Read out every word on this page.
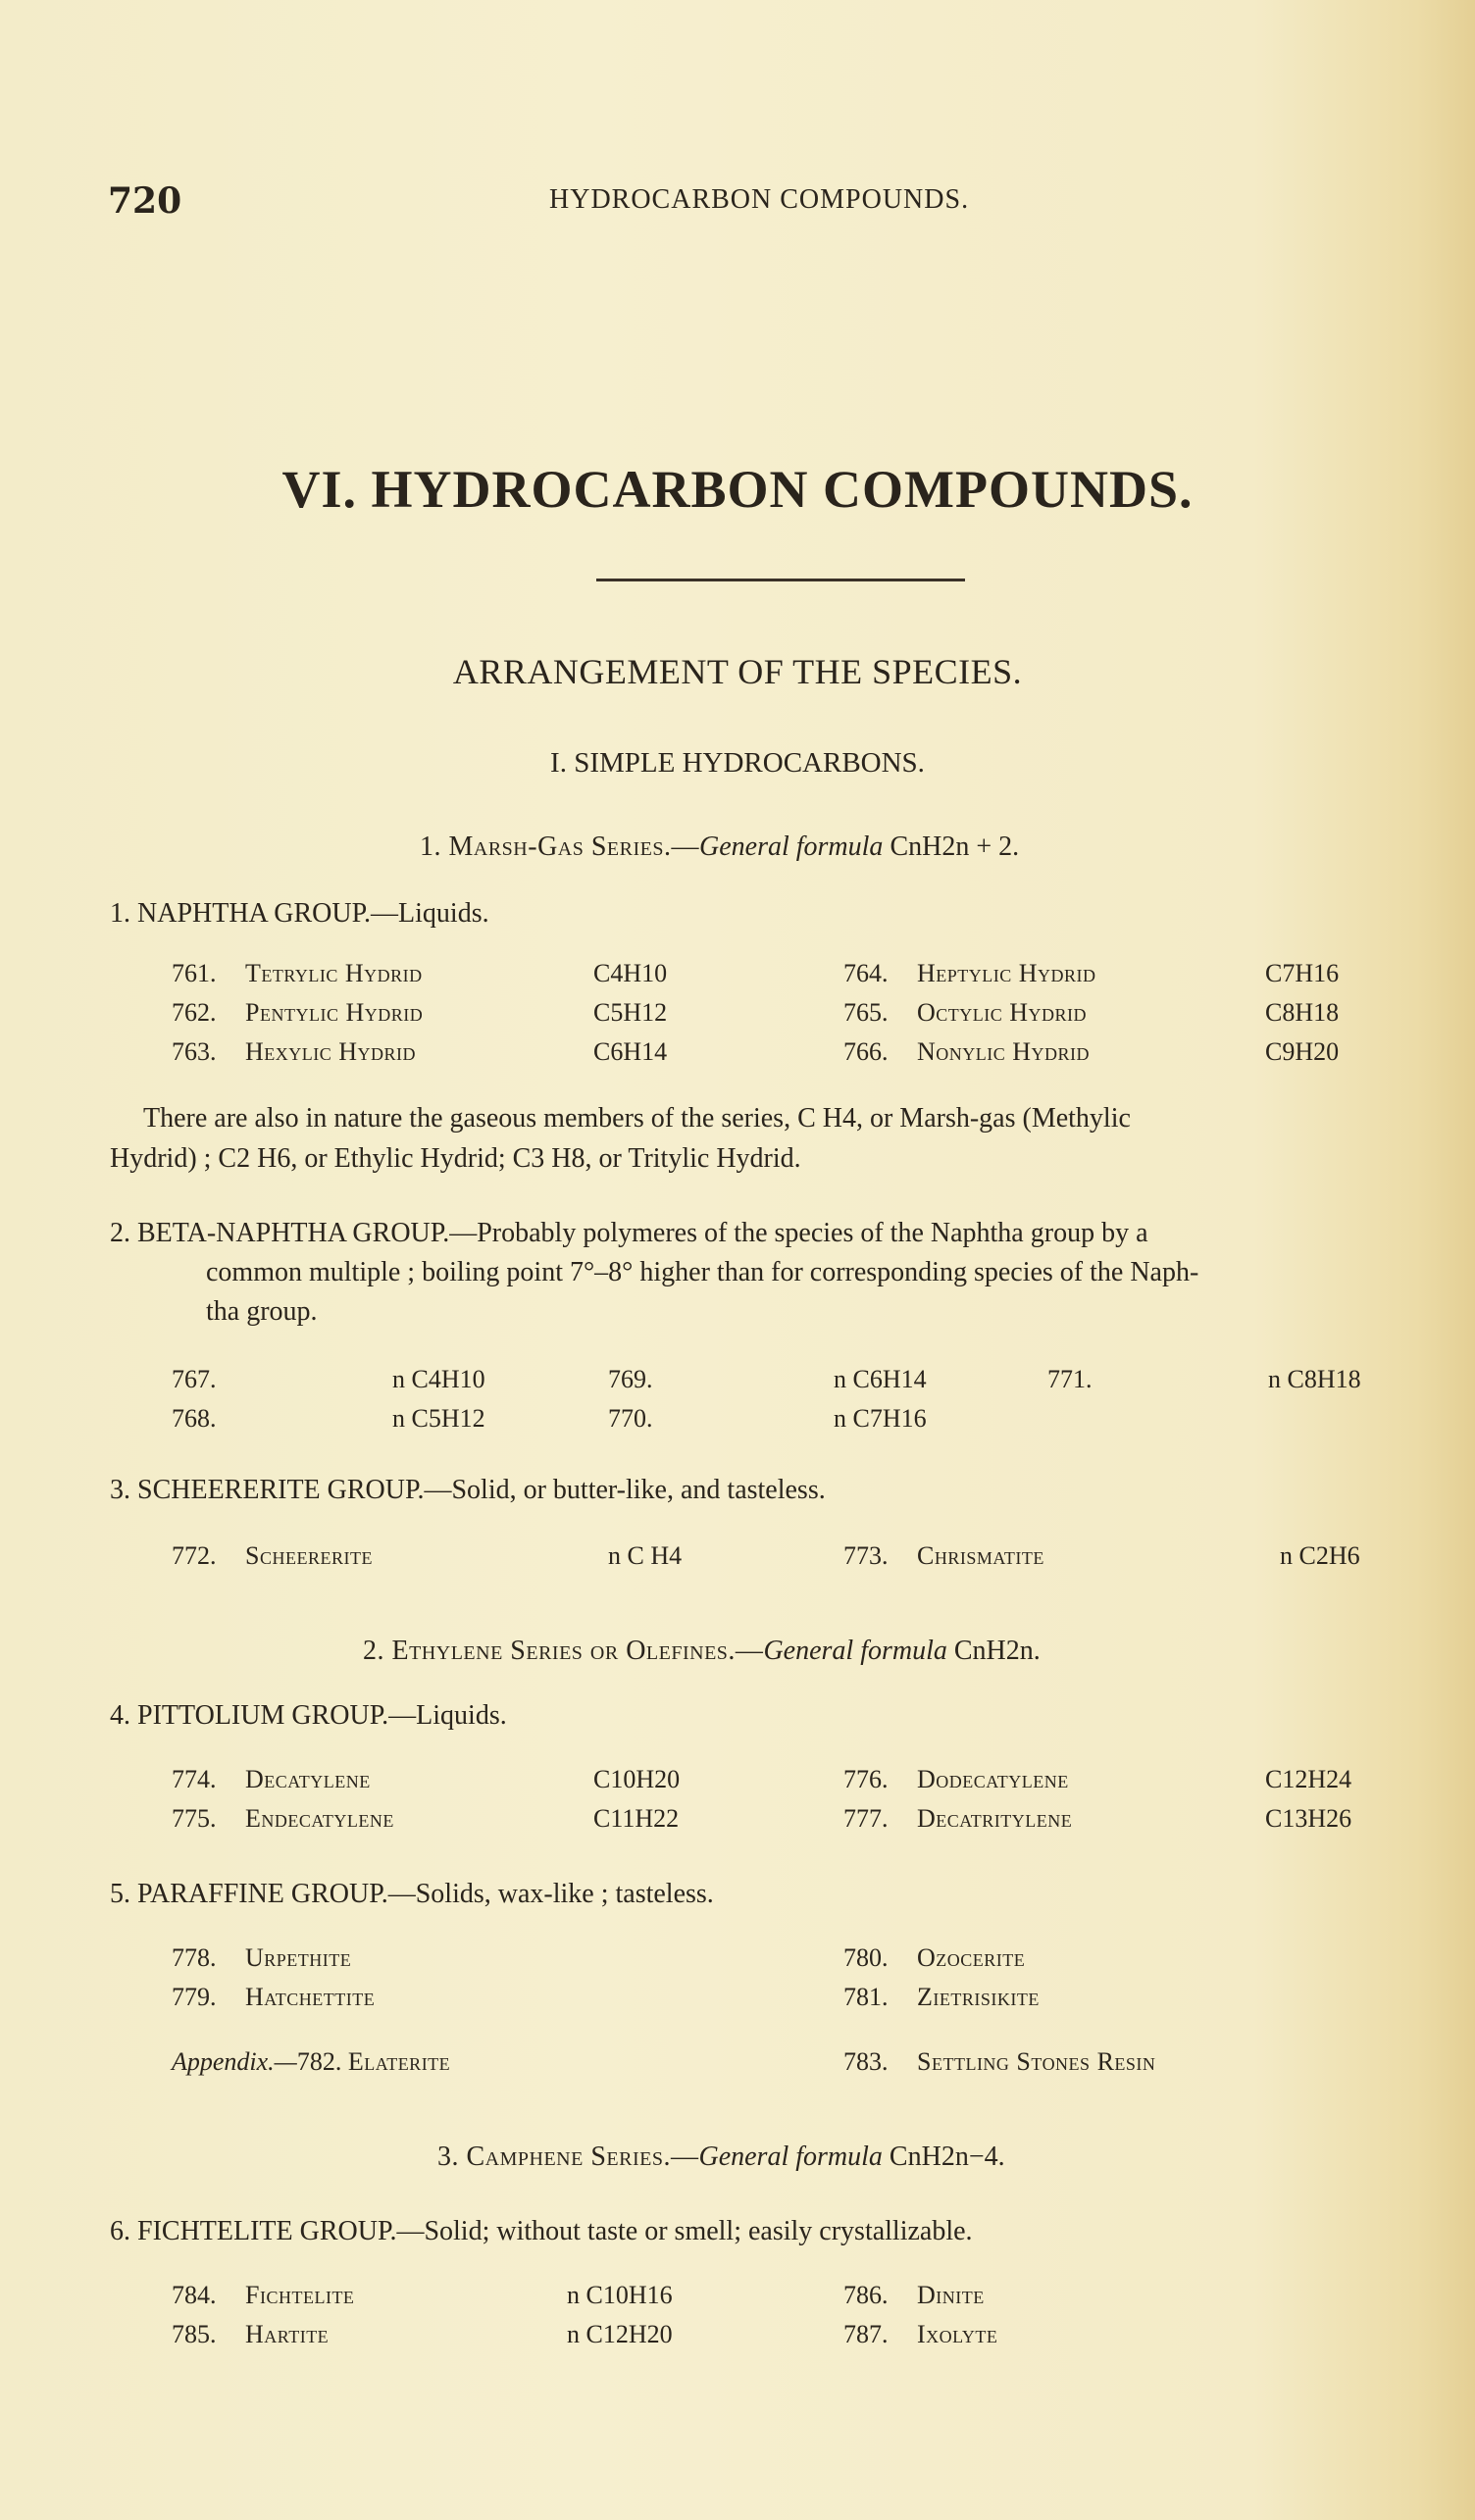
720	HYDROCARBON COMPOUNDS.
VI. HYDROCARBON COMPOUNDS.
ARRANGEMENT OF THE SPECIES.
I. SIMPLE HYDROCARBONS.
1. Marsh-Gas Series.—General formula CnH2n + 2.
1. NAPHTHA GROUP.—Liquids.
761. Tetrylic Hydrid	C4H10	764. Heptylic Hydrid	C7H16
762. Pentylic Hydrid	C5H12	765. Octylic Hydrid	C8H18
763. Hexylic Hydrid	C6H14	766. Nonylic Hydrid	C9H20
There are also in nature the gaseous members of the series, C H4, or Marsh-gas (Methylic
Hydrid) ; C2 H6, or Ethylic Hydrid; C3 H8, or Tritylic Hydrid.
2. BETA-NAPHTHA GROUP.—Probably polymeres of the species of the Naphtha group by a
common multiple ; boiling point 7°–8° higher than for corresponding species of the Naph-
tha group.
767.	n C4H10	769.	n C6H14	771.	n C8H18
768.	n C5H12	770.	n C7H16
3. SCHEERERITE GROUP.—Solid, or butter-like, and tasteless.
772. Scheererite	n C H4	773. Chrismatite	n C2H6
2. Ethylene Series or Olefines.—General formula CnH2n.
4. PITTOLIUM GROUP.—Liquids.
774. Decatylene	C10H20	776. Dodecatylene	C12H24
775. Endecatylene	C11H22	777. Decatritylene	C13H26
5. PARAFFINE GROUP.—Solids, wax-like ; tasteless.
778. Urpethite	780. Ozocerite
779. Hatchettite	781. Zietrisikite
Appendix.—782. Elaterite	783. Settling Stones Resin
3. Camphene Series.—General formula CnH2n−4.
6. FICHTELITE GROUP.—Solid; without taste or smell; easily crystallizable.
784. Fichtelite	n C10H16	786. Dinite
785. Hartite	n C12H20	787. Ixolyte
